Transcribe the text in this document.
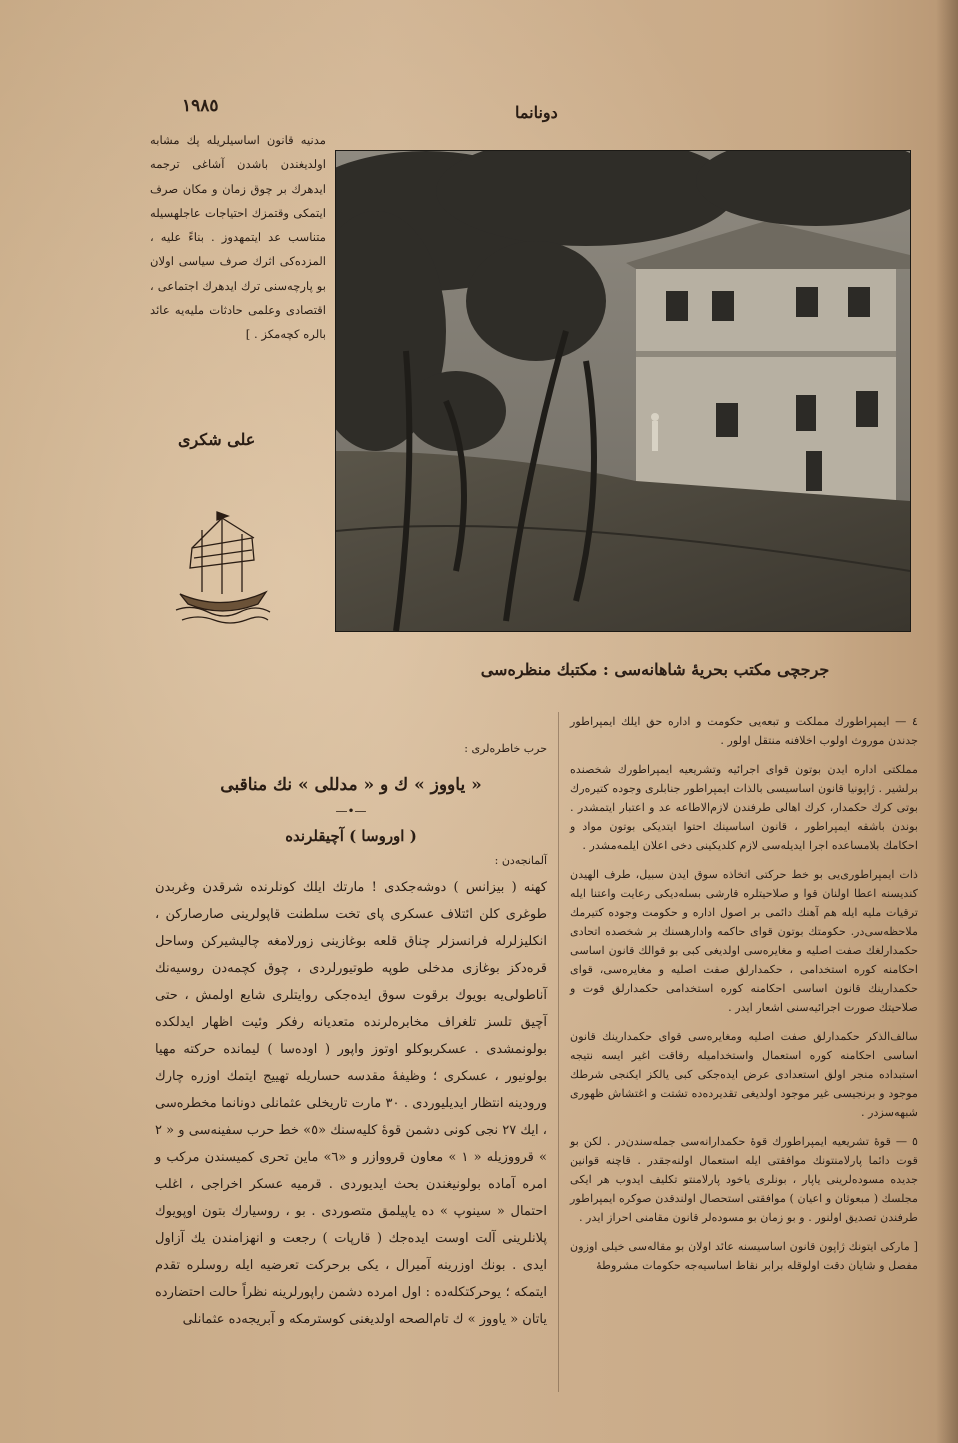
١٩٨٥	دونانما
مدنیه قانون اساسیلریله پك مشابه اولدیغندن باشدن آشاغی ترجمه ایدهرك بر چوق زمان و مكان صرف ایتمكی وقتمزك احتیاجات عاجلهسیله متناسب عد ایتمهدوز . بناءً علیه ، المزده‌كی اثرك صرف سیاسی اولان بو پارچه‌سنی ترك ایدهرك اجتماعی ، اقتصادی وعلمی حادثات ملیه‌یه عائد بالره كچه‌مكز . ]
علی شكری
جرجچی مكتب بحریهٔ شاهانه‌سی : مكتبك منظره‌سی

٤ — ایمپراطورك مملكت و تبعه‌یی حكومت و اداره حق ایلك ایمپراطور جدندن موروث اولوب اخلافنه منتقل اولور .

مملكتی اداره ایدن بوتون قوای اجرائیه وتشریعیه ایمپراطورك شخصنده برلشیر . ژاپونیا قانون اساسیسی بالذات ایمپراطور جنابلری وجوده كتیره‌رك بوتی كرك حكمدار، كرك اهالی طرفندن لازم‌الاطاعه عد و اعتبار ایتمشدر . بوندن باشقه ایمپراطور ، قانون اساسینك احتوا ایتدیكی بوتون مواد و احكامك بلامساعده اجرا ایدیله‌سی لازم كلدیكینی دخی اعلان ایلمه‌مشدر .

ذات ایمپراطوری‌یی بو خط حركتی اتخاذه سوق ایدن سبیل، طرف الهیدن كندیسنه اعطا اولنان قوا و صلاحیتلره قارشی بسله‌دیكی رعایت واعتنا ایله ترقیات ملیه ایله هم آهنك دائمی بر اصول اداره و حكومت وجوده كتیرمك ملاحظه‌سی‌در. حكومتك بوتون قوای حاكمه وادارهسنك بر شخصده اتحادی حكمدارلغك صفت اصلیه و مغایره‌سی اولدیغی كبی بو قوالك قانون اساسی احكامنه كوره استخدامی ، حكمدارلق صفت اصلیه و مغایره‌سی، قوای حكمدارینك قانون اساسی احكامنه كوره استخدامی حكمدارلق قوت و صلاحیتك صورت اجرائیه‌سنی اشعار ایدر .

سالف‌الذكر حكمدارلق صفت اصلیه ومغایره‌سی قوای حكمدارینك قانون اساسی احكامنه كوره استعمال واستخدامیله رفاقت اغیر ایسه نتیجه استبداده منجر اولق استعدادی عرض ایده‌جكی كبی یالكز ایكنجی شرطك موجود و برنجیسی غیر موجود اولدیغی تقدیرده‌ده تشتت و اغتشاش ظهوری شبهه‌سزدر .

٥ — قوهٔ تشریعیه ایمپراطورك قوهٔ حكمدارانه‌سی جمله‌سندن‌در . لكن بو قوت دائما پارلامنتونك موافقتی ایله استعمال اولنه‌جقدر . قاچنه قوانین جدیده مسوده‌لرینی یاپار ، بونلری یاخود پارلامنتو تكلیف ایدوب هر ایكی مجلسك ( مبعوثان و اعیان ) موافقتی استحصال اولندقدن صوكره ایمپراطور طرفندن تصدیق اولنور . و بو زمان بو مسوده‌لر قانون مقامنی احراز ایدر .

[ ماركی ایتونك ژاپون قانون اساسیسنه عائد اولان بو مقاله‌سی خیلی اوزون مفصل و شایان دقت اولوقله برابر نقاط اساسیه‌جه حكومات مشروطهٔ

حرب خاطره‌لری :
« یاووز » ك و « مدللی » نك مناقبی
—•—
( اوروسا ) آچیقلرنده
آلمانجه‌دن :
كهنه ( بیزانس ) دوشه‌جكدی ! مارتك ایلك كونلرنده شرقدن وغربدن طوغری كلن ائتلاف عسكری پای تخت سلطنت قاپولرینی صارصاركن ، انكلیزلرله فرانسزلر چناق قلعه بوغازینی زورلامغه چالیشیركن وساحل قره‌دكز بوغازی مدخلی طوپه طوتیورلردی ، چوق كچمه‌دن روسیه‌نك آناطولی‌یه بویوك برقوت سوق ایده‌جكی روایتلری شایع اولمش ، حتی آچیق تلسز تلغراف مخابره‌لرنده متعدیانه رفكر وئیت اظهار ایدلكده بولونمشدی . عسكربوكلو اوتوز واپور ( اوده‌سا ) لیمانده حركته مهیا بولونیور ، عسكری ؛ وظیفهٔ مقدسه حساریله تهییج ایتمك اوزره چارك ورودینه انتظار ایدیلیوردی . ٣٠ مارت تاریخلی عثمانلی دونانما مخطره‌سی ، ایك ٢٧ نجی كونی دشمن قوهٔ كلیه‌سنك «٥» خط حرب سفینه‌سی و « ٢ » قرووزیله « ١ » معاون قرووازر و «٦» ماین تحری كمیسندن مركب و امره آماده بولونیغندن بحث ایدیوردی . قرمیه عسكر اخراجی ، اغلب احتمال « سینوپ » ده یاپیلمق متصوردی . بو ، روسیارك بتون اوپویوك پلانلرینی آلت اوست ایده‌جك ( قارپات ) رجعت و انهزامندن یك آزاول ایدی . بونك اوزرینه آمیرال ، یكی برحركت تعرضیه ایله روسلره تقدم ایتمكه ؛ یوحركتكله‌ده : اول امرده دشمن راپورلرینه نظراً حالت احتضارده یاتان « یاووز » ك تام‌الصحه اولدیغنی كوسترمكه و آبریجه‌ده عثمانلی
